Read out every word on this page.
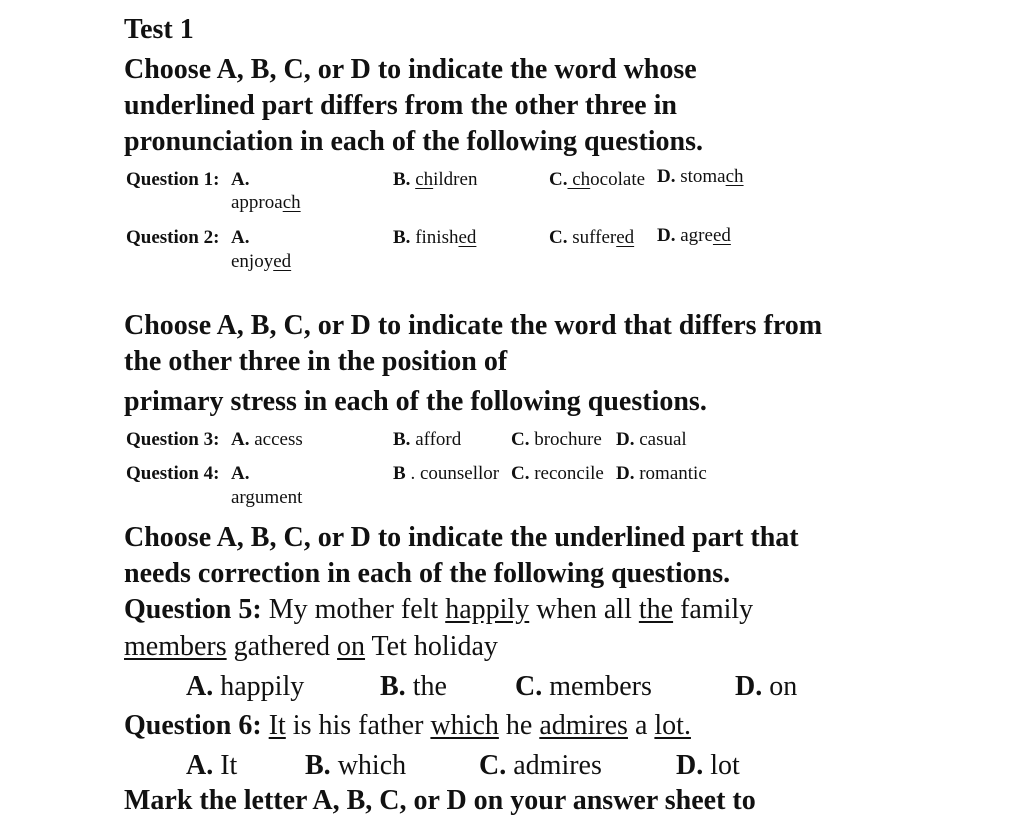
Test 1
Choose A, B, C, or D to indicate the word whose
underlined part differs from the other three in
pronunciation in each of the following questions.
Question 1: A.
approach
B. children	C. chocolate D. stomach
Question 2: A.
enjoyed
B. finished	C. suffered D. agreed
Choose A, B, C, or D to indicate the word that differs from
the other three in the position of
primary stress in each of the following questions.
Question 3: A. access	B. afford	C. brochure D. casual
Question 4: A.
argument
B . counsellor C. reconcile D. romantic
Choose A, B, C, or D to indicate the underlined part that
needs correction in each of the following questions.
Question 5: My mother felt happily when all the family
members gathered on Tet holiday
A. happily	B. the C. members	D. on
Question 6: It is his father which he admires a lot.
A. It B. which	C. admires	D. lot
Mark the letter A, B, C, or D on your answer sheet to
